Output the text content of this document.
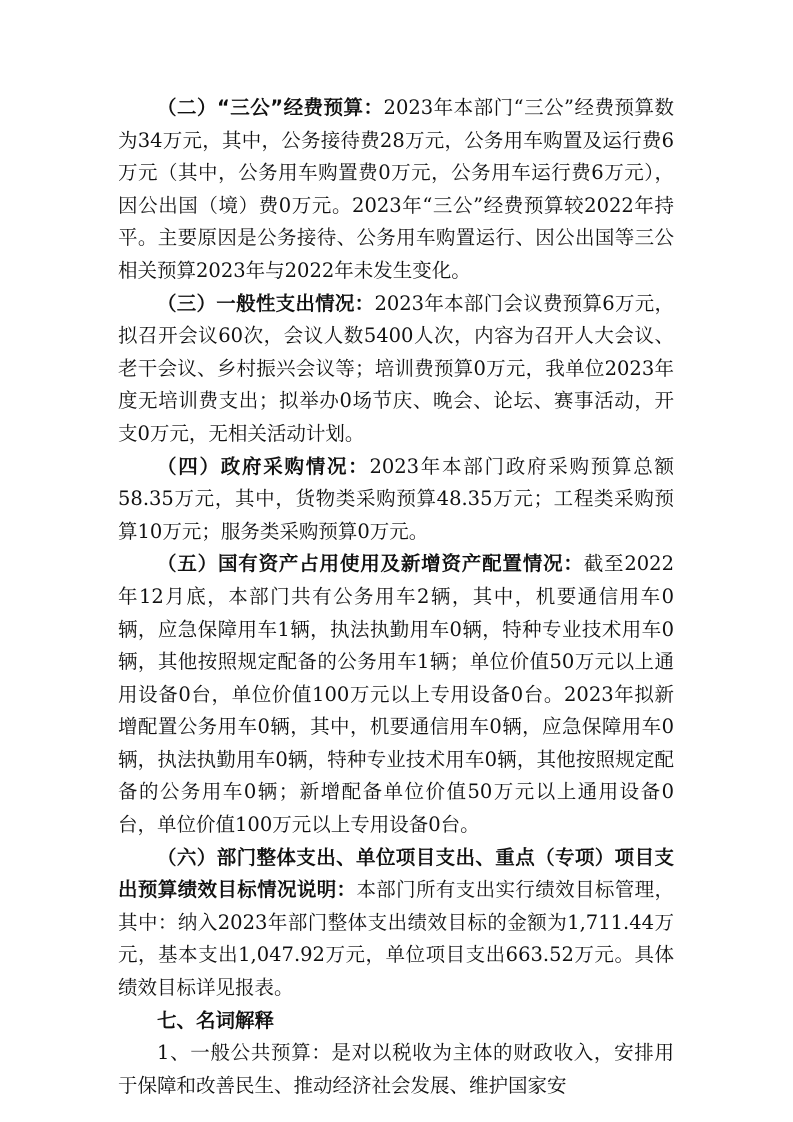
（二）“三公”经费预算：2023年本部门“三公”经费预算数为34万元，其中，公务接待费28万元，公务用车购置及运行费6万元（其中，公务用车购置费0万元，公务用车运行费6万元），因公出国（境）费0万元。2023年“三公”经费预算较2022年持平。主要原因是公务接待、公务用车购置运行、因公出国等三公相关预算2023年与2022年未发生变化。

（三）一般性支出情况：2023年本部门会议费预算6万元，拟召开会议60次，会议人数5400人次，内容为召开人大会议、老干会议、乡村振兴会议等；培训费预算0万元，我单位2023年度无培训费支出；拟举办0场节庆、晚会、论坛、赛事活动，开支0万元，无相关活动计划。

（四）政府采购情况：2023年本部门政府采购预算总额58.35万元，其中，货物类采购预算48.35万元；工程类采购预算10万元；服务类采购预算0万元。

（五）国有资产占用使用及新增资产配置情况：截至2022年12月底，本部门共有公务用车2辆，其中，机要通信用车0辆，应急保障用车1辆，执法执勤用车0辆，特种专业技术用车0辆，其他按照规定配备的公务用车1辆；单位价值50万元以上通用设备0台，单位价值100万元以上专用设备0台。2023年拟新增配置公务用车0辆，其中，机要通信用车0辆，应急保障用车0辆，执法执勤用车0辆，特种专业技术用车0辆，其他按照规定配备的公务用车0辆；新增配备单位价值50万元以上通用设备0台，单位价值100万元以上专用设备0台。

（六）部门整体支出、单位项目支出、重点（专项）项目支出预算绩效目标情况说明：本部门所有支出实行绩效目标管理，其中：纳入2023年部门整体支出绩效目标的金额为1,711.44万元，基本支出1,047.92万元，单位项目支出663.52万元。具体绩效目标详见报表。

七、名词解释

1、一般公共预算：是对以税收为主体的财政收入，安排用于保障和改善民生、推动经济社会发展、维护国家安
